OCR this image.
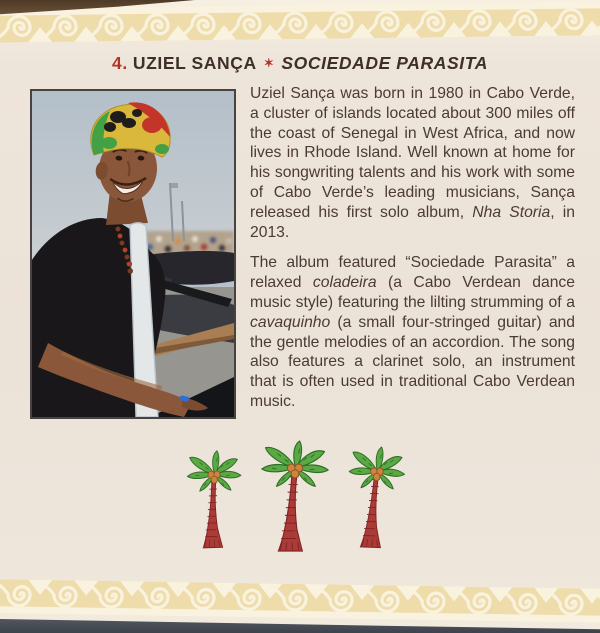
4. UZIEL SANÇA ✶ SOCIEDADE PARASITA

Uziel Sança was born in 1980 in Cabo Verde, a cluster of islands located about 300 miles off the coast of Senegal in West Africa, and now lives in Rhode Island. Well known at home for his songwriting talents and his work with some of Cabo Verde’s leading musicians, Sança released his first solo album, Nha Storia, in 2013.

The album featured “Sociedade Parasita” a relaxed coladeira (a Cabo Verdean dance music style) featuring the lilting strumming of a cavaquinho (a small four-stringed guitar) and the gentle melodies of an accordion. The song also features a clarinet solo, an instrument that is often used in traditional Cabo Verdean music.
